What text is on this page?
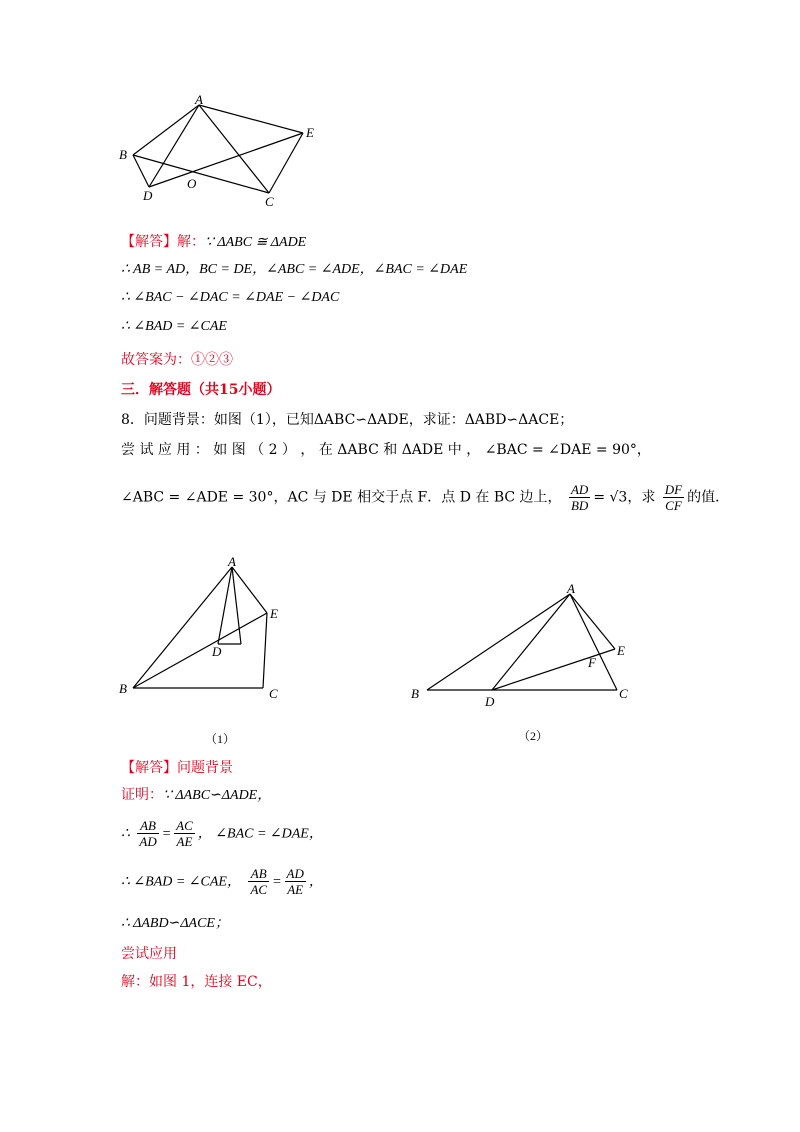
A
B
C
D
E
O
【解答】解：∵ ΔABC ≅ ΔADE
∴ AB = AD，BC = DE，∠ABC = ∠ADE，∠BAC = ∠DAE
∴ ∠BAC − ∠DAC = ∠DAE − ∠DAC
∴ ∠BAD = ∠CAE
故答案为：①②③
三．解答题（共15小题）
8．问题背景：如图（1），已知ΔABC∽ΔADE，求证：ΔABD∽ΔACE；
尝 试 应 用 ： 如 图 （ 2 ） ， 在 ΔABC 和 ΔADE 中 ， ∠BAC = ∠DAE = 90°，
∠ABC = ∠ADE = 30°，AC 与 DE 相交于点 F．点 D 在 BC 边上， $\frac{AD}{BD} = √3$，求 $\frac{DF}{CF}$ 的值．
A
B	C
D
E
（1）
A
B	C
D
E
F
（2）
【解答】问题背景
证明：∵ ΔABC∽ΔADE，
∴ $\frac{AB}{AD} = \frac{AC}{AE}$ ， ∠BAC = ∠DAE，
∴ ∠BAD = ∠CAE， $\frac{AB}{AC} = \frac{AD}{AE}$ ，
∴ ΔABD∽ΔACE；
尝试应用
解：如图 1，连接 EC，
